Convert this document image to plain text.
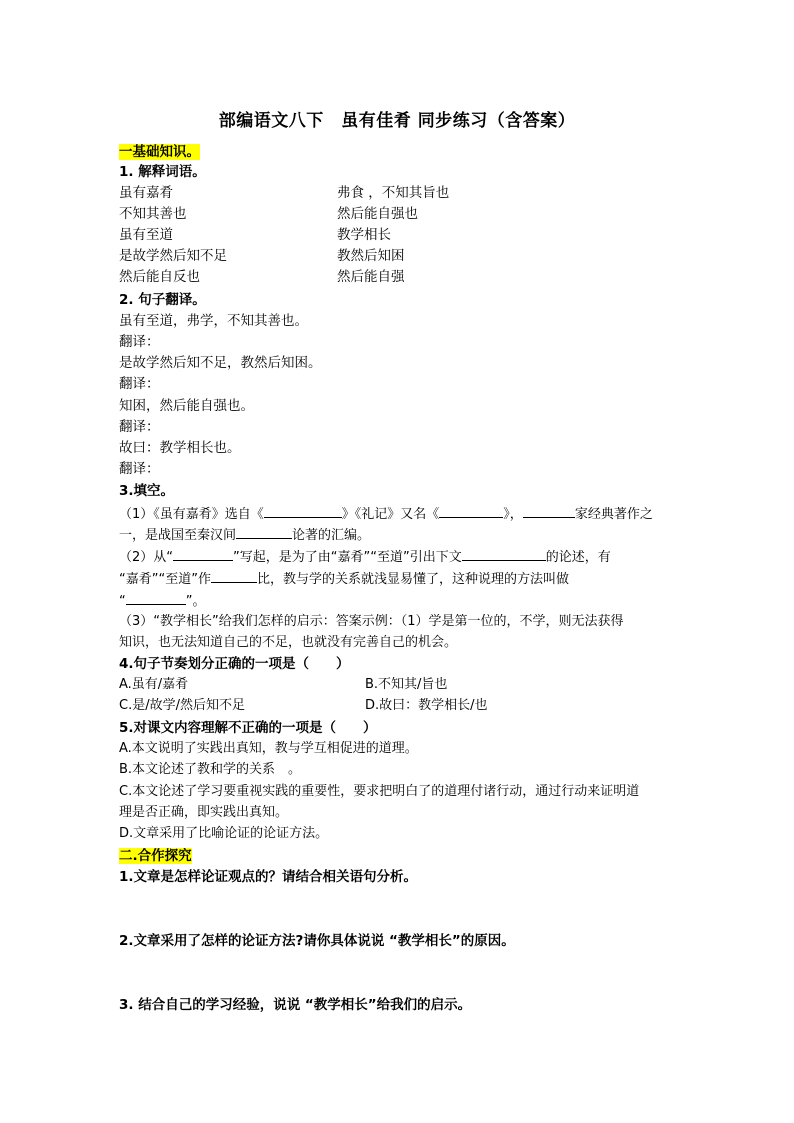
部编语文八下　虽有佳肴 同步练习（含答案）
一基础知识。
1. 解释词语。
虽有嘉肴	弗食 ，不知其旨也
不知其善也	然后能自强也
虽有至道	教学相长
是故学然后知不足	教然后知困
然后能自反也	然后能自强
2. 句子翻译。
虽有至道，弗学，不知其善也。
翻译：
是故学然后知不足，教然后知困。
翻译：
知困，然后能自强也。
翻译：
故曰：教学相长也。
翻译：
3.填空。
（1）《虽有嘉肴》选自《	》《礼记》又名《	》，	家经典著作之
一，是战国至秦汉间	论著的汇编。
（2）从“	”写起，是为了由“嘉肴”“至道”引出下文	的论述，有
“嘉肴”“至道”作	比，教与学的关系就浅显易懂了，这种说理的方法叫做
“	”。
（3）“教学相长”给我们怎样的启示：答案示例：（1）学是第一位的，不学，则无法获得
知识，也无法知道自己的不足，也就没有完善自己的机会。
4.句子节奏划分正确的一项是（　　）
A.虽有/嘉肴	B.不知其/旨也
C.是/故学/然后知不足	D.故曰：教学相长/也
5.对课文内容理解不正确的一项是（　　）
A.本文说明了实践出真知，教与学互相促进的道理。
B.本文论述了教和学的关系　。
C.本文论述了学习要重视实践的重要性，要求把明白了的道理付诸行动，通过行动来证明道
理是否正确，即实践出真知。
D.文章采用了比喻论证的论证方法。
二.合作探究
1.文章是怎样论证观点的？请结合相关语句分析。
2.文章采用了怎样的论证方法?请你具体说说 “教学相长”的原因。
3. 结合自己的学习经验，说说 “教学相长”给我们的启示。
